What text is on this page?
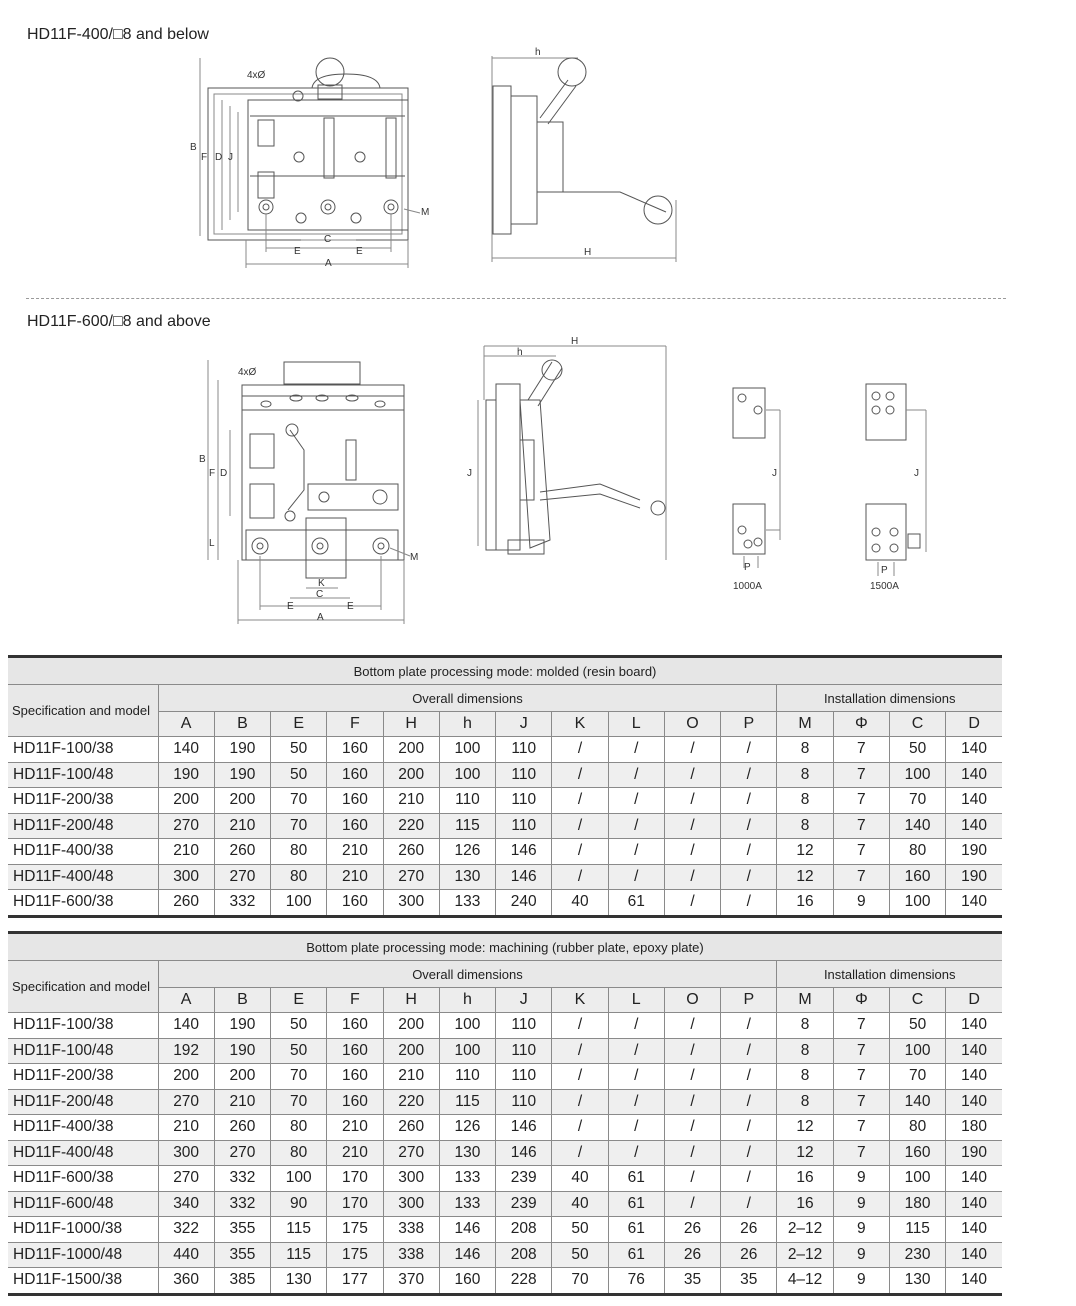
HD11F-400/□8 and below
4xØ
B
F D J
M
C
E	E
A
h
H
4xØ
B
F D
L
M
K
C
E	E
A
H
h
J	J
P
1000A
J
P
1500A
HD11F-600/□8 and above
Bottom plate processing mode: molded (resin board)															
Specification and model	Overall dimensions											Installation dimensions			
	A	B	E	F	H	h	J	K	L	O	P	M	Φ	C	D
HD11F-100/38	140	190	50	160	200	100	110	/	/	/	/	8	7	50	140
HD11F-100/48	190	190	50	160	200	100	110	/	/	/	/	8	7	100	140
HD11F-200/38	200	200	70	160	210	110	110	/	/	/	/	8	7	70	140
HD11F-200/48	270	210	70	160	220	115	110	/	/	/	/	8	7	140	140
HD11F-400/38	210	260	80	210	260	126	146	/	/	/	/	12	7	80	190
HD11F-400/48	300	270	80	210	270	130	146	/	/	/	/	12	7	160	190
HD11F-600/38	260	332	100	160	300	133	240	40	61	/	/	16	9	100	140
Bottom plate processing mode: machining (rubber plate, epoxy plate)															
Specification and model	Overall dimensions											Installation dimensions			
	A	B	E	F	H	h	J	K	L	O	P	M	Φ	C	D
HD11F-100/38	140	190	50	160	200	100	110	/	/	/	/	8	7	50	140
HD11F-100/48	192	190	50	160	200	100	110	/	/	/	/	8	7	100	140
HD11F-200/38	200	200	70	160	210	110	110	/	/	/	/	8	7	70	140
HD11F-200/48	270	210	70	160	220	115	110	/	/	/	/	8	7	140	140
HD11F-400/38	210	260	80	210	260	126	146	/	/	/	/	12	7	80	180
HD11F-400/48	300	270	80	210	270	130	146	/	/	/	/	12	7	160	190
HD11F-600/38	270	332	100	170	300	133	239	40	61	/	/	16	9	100	140
HD11F-600/48	340	332	90	170	300	133	239	40	61	/	/	16	9	180	140
HD11F-1000/38	322	355	115	175	338	146	208	50	61	26	26	2–12	9	115	140
HD11F-1000/48	440	355	115	175	338	146	208	50	61	26	26	2–12	9	230	140
HD11F-1500/38	360	385	130	177	370	160	228	70	76	35	35	4–12	9	130	140
